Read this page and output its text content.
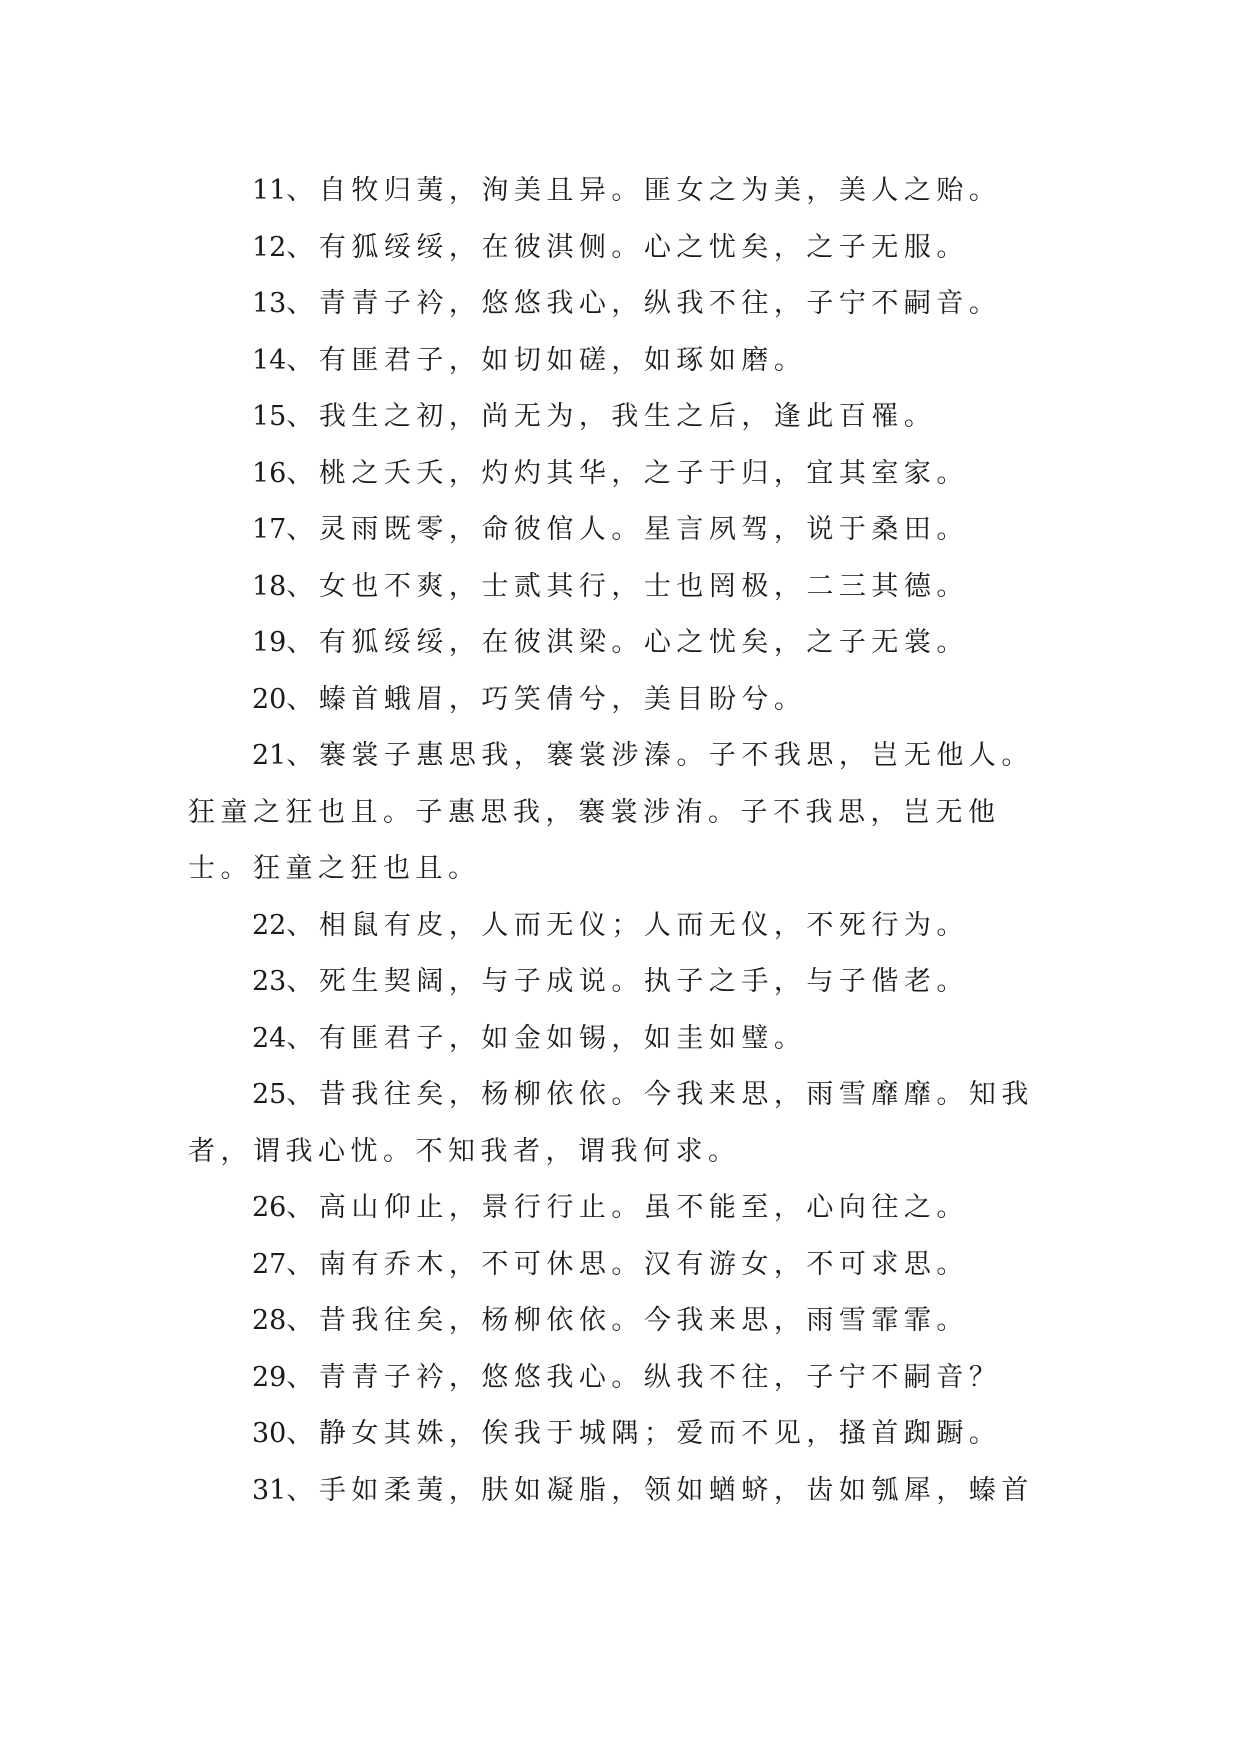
11、自牧归荑，洵美且异。匪女之为美，美人之贻。

12、有狐绥绥，在彼淇侧。心之忧矣，之子无服。

13、青青子衿，悠悠我心，纵我不往，子宁不嗣音。

14、有匪君子，如切如磋，如琢如磨。

15、我生之初，尚无为，我生之后，逢此百罹。

16、桃之夭夭，灼灼其华，之子于归，宜其室家。

17、灵雨既零，命彼倌人。星言夙驾，说于桑田。

18、女也不爽，士贰其行，士也罔极，二三其德。

19、有狐绥绥，在彼淇梁。心之忧矣，之子无裳。

20、螓首蛾眉，巧笑倩兮，美目盼兮。

21、褰裳子惠思我，褰裳涉溱。子不我思，岂无他人。狂童之狂也且。子惠思我，褰裳涉洧。子不我思，岂无他士。狂童之狂也且。

22、相鼠有皮，人而无仪；人而无仪，不死行为。

23、死生契阔，与子成说。执子之手，与子偕老。

24、有匪君子，如金如锡，如圭如璧。

25、昔我往矣，杨柳依依。今我来思，雨雪靡靡。知我者，谓我心忧。不知我者，谓我何求。

26、高山仰止，景行行止。虽不能至，心向往之。

27、南有乔木，不可休思。汉有游女，不可求思。

28、昔我往矣，杨柳依依。今我来思，雨雪霏霏。

29、青青子衿，悠悠我心。纵我不往，子宁不嗣音？

30、静女其姝，俟我于城隅；爱而不见，搔首踟蹰。

31、手如柔荑，肤如凝脂，领如蝤蛴，齿如瓠犀，螓首
